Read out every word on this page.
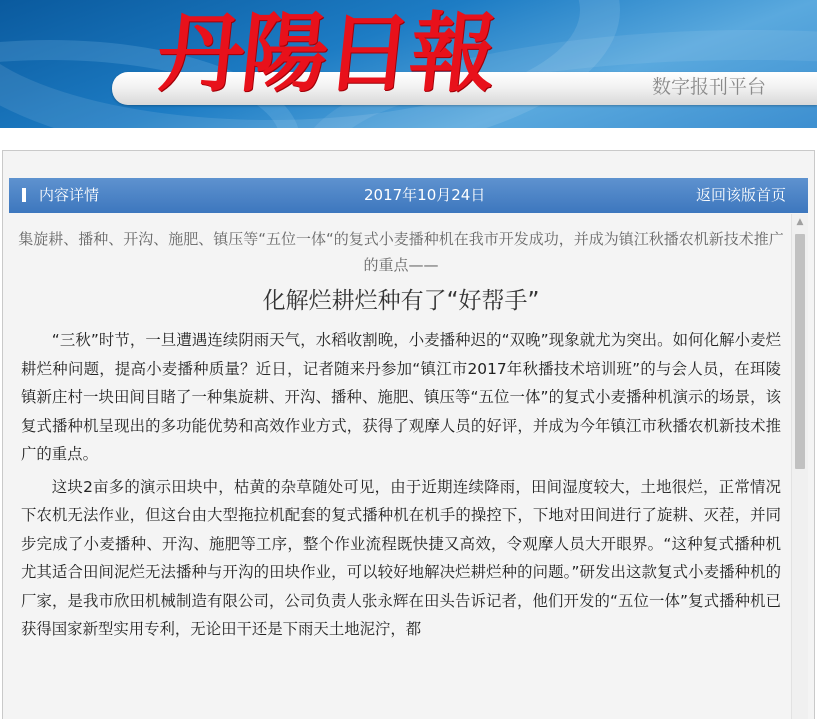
丹陽日報	数字报刊平台
内容详情	2017年10月24日	返回该版首页
集旋耕、播种、开沟、施肥、镇压等“五位一体“的复式小麦播种机在我市开发成功，并成为镇江秋播农机新技术推广的重点——
化解烂耕烂种有了“好帮手”

“三秋”时节，一旦遭遇连续阴雨天气，水稻收割晚，小麦播种迟的“双晚”现象就尤为突出。如何化解小麦烂耕烂种问题，提高小麦播种质量？近日，记者随来丹参加“镇江市2017年秋播技术培训班”的与会人员，在珥陵镇新庄村一块田间目睹了一种集旋耕、开沟、播种、施肥、镇压等“五位一体”的复式小麦播种机演示的场景，该复式播种机呈现出的多功能优势和高效作业方式，获得了观摩人员的好评，并成为今年镇江市秋播农机新技术推广的重点。

这块2亩多的演示田块中，枯黄的杂草随处可见，由于近期连续降雨，田间湿度较大，土地很烂，正常情况下农机无法作业，但这台由大型拖拉机配套的复式播种机在机手的操控下，下地对田间进行了旋耕、灭茬，并同步完成了小麦播种、开沟、施肥等工序，整个作业流程既快捷又高效，令观摩人员大开眼界。“这种复式播种机尤其适合田间泥烂无法播种与开沟的田块作业，可以较好地解决烂耕烂种的问题。”研发出这款复式小麦播种机的厂家，是我市欣田机械制造有限公司，公司负责人张永辉在田头告诉记者，他们开发的“五位一体”复式播种机已获得国家新型实用专利，无论田干还是下雨天土地泥泞，都

▲
